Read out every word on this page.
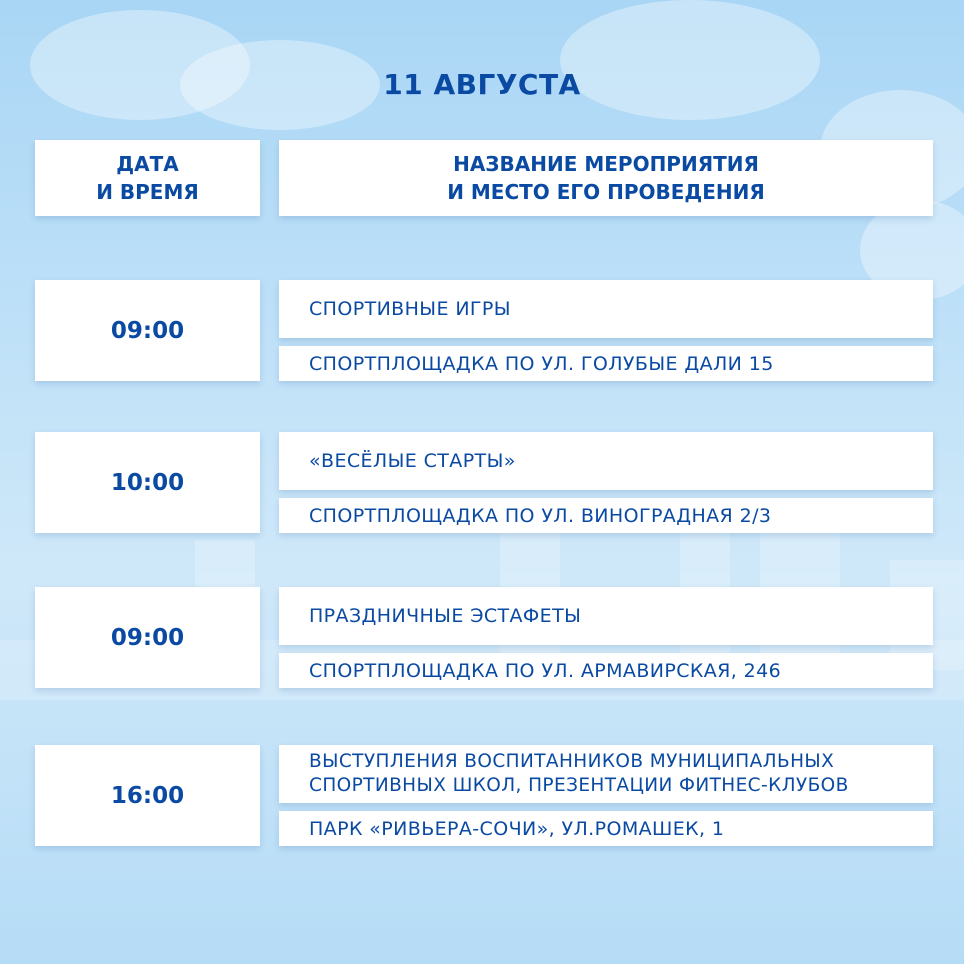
11 АВГУСТА
ДАТА
И ВРЕМЯ
НАЗВАНИЕ МЕРОПРИЯТИЯ
И МЕСТО ЕГО ПРОВЕДЕНИЯ
09:00
СПОРТИВНЫЕ ИГРЫ
СПОРТПЛОЩАДКА ПО УЛ. ГОЛУБЫЕ ДАЛИ 15
10:00
«ВЕСЁЛЫЕ СТАРТЫ»
СПОРТПЛОЩАДКА ПО УЛ. ВИНОГРАДНАЯ 2/3
09:00
ПРАЗДНИЧНЫЕ ЭСТАФЕТЫ
СПОРТПЛОЩАДКА ПО УЛ. АРМАВИРСКАЯ, 246
16:00
ВЫСТУПЛЕНИЯ ВОСПИТАННИКОВ МУНИЦИПАЛЬНЫХ
СПОРТИВНЫХ ШКОЛ, ПРЕЗЕНТАЦИИ ФИТНЕС-КЛУБОВ
ПАРК «РИВЬЕРА-СОЧИ», УЛ.РОМАШЕК, 1
